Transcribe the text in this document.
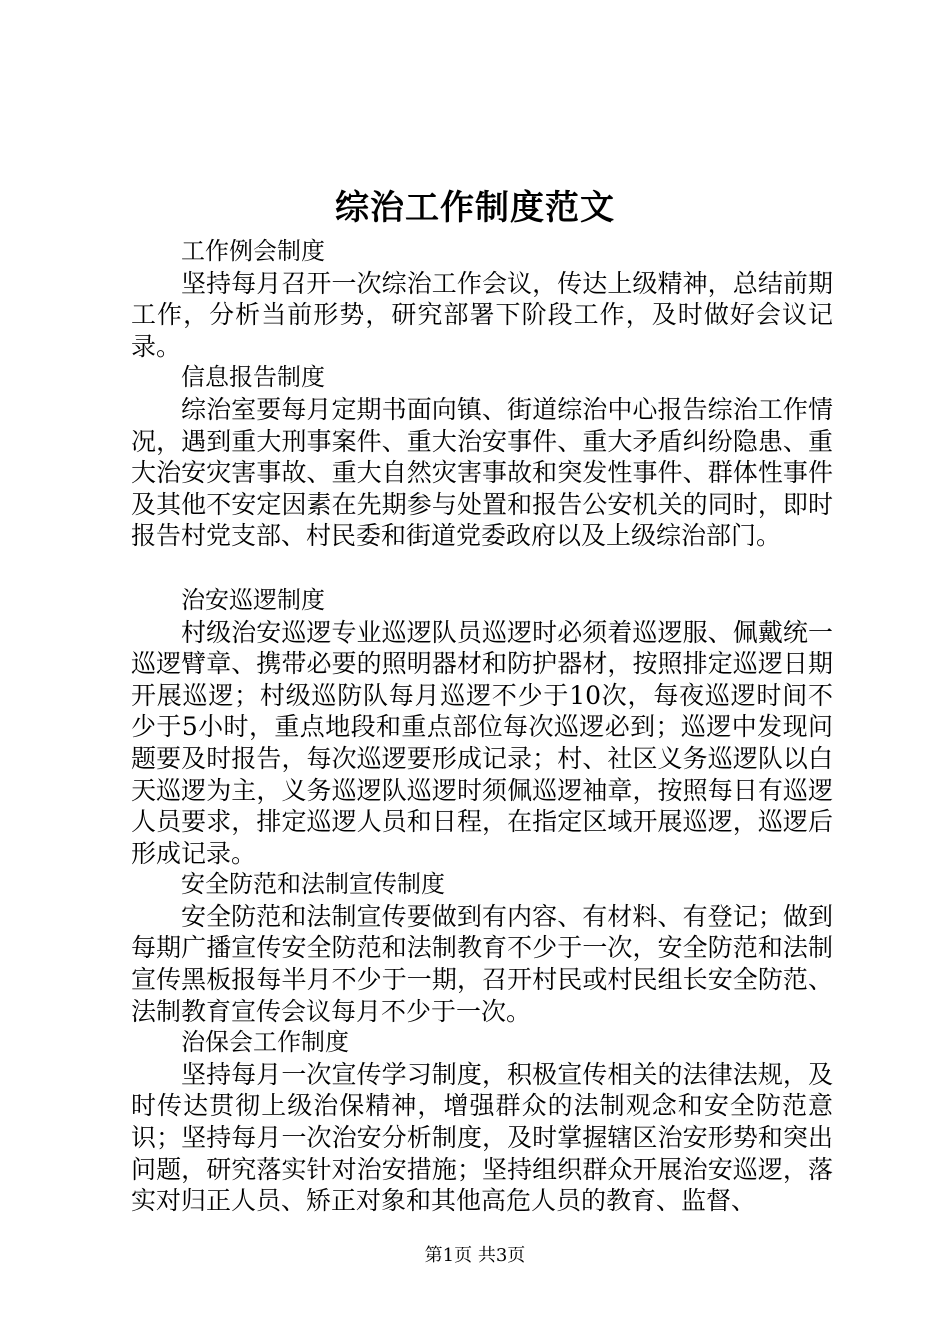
综治工作制度范文

工作例会制度

坚持每月召开一次综治工作会议，传达上级精神，总结前期工作，分析当前形势，研究部署下阶段工作，及时做好会议记录。

信息报告制度

综治室要每月定期书面向镇、街道综治中心报告综治工作情况，遇到重大刑事案件、重大治安事件、重大矛盾纠纷隐患、重大治安灾害事故、重大自然灾害事故和突发性事件、群体性事件及其他不安定因素在先期参与处置和报告公安机关的同时，即时报告村党支部、村民委和街道党委政府以及上级综治部门。

治安巡逻制度

村级治安巡逻专业巡逻队员巡逻时必须着巡逻服、佩戴统一巡逻臂章、携带必要的照明器材和防护器材，按照排定巡逻日期开展巡逻；村级巡防队每月巡逻不少于10次，每夜巡逻时间不少于5小时，重点地段和重点部位每次巡逻必到；巡逻中发现问题要及时报告，每次巡逻要形成记录；村、社区义务巡逻队以白天巡逻为主，义务巡逻队巡逻时须佩巡逻袖章，按照每日有巡逻人员要求，排定巡逻人员和日程，在指定区域开展巡逻，巡逻后形成记录。

安全防范和法制宣传制度

安全防范和法制宣传要做到有内容、有材料、有登记；做到每期广播宣传安全防范和法制教育不少于一次，安全防范和法制宣传黑板报每半月不少于一期，召开村民或村民组长安全防范、法制教育宣传会议每月不少于一次。

治保会工作制度

坚持每月一次宣传学习制度，积极宣传相关的法律法规，及时传达贯彻上级治保精神，增强群众的法制观念和安全防范意识；坚持每月一次治安分析制度，及时掌握辖区治安形势和突出问题，研究落实针对治安措施；坚持组织群众开展治安巡逻，落实对归正人员、矫正对象和其他高危人员的教育、监督、

第1页 共3页
